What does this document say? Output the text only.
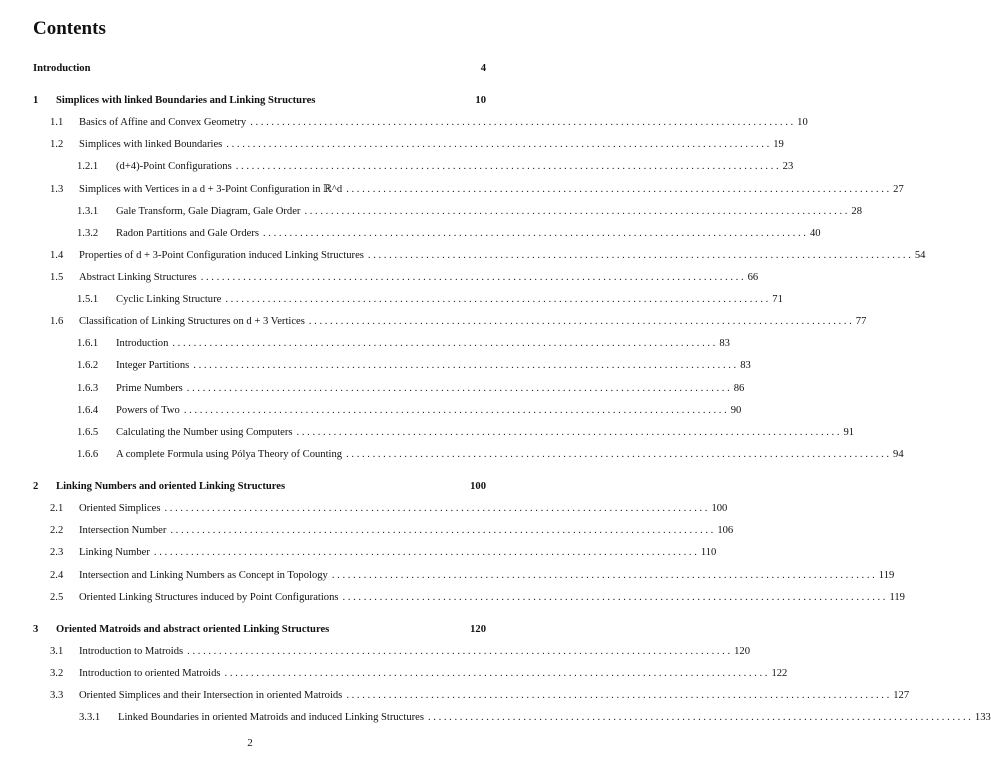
Contents
Introduction	4
1	Simplices with linked Boundaries and Linking Structures	10
1.1	Basics of Affine and Convex Geometry . . .	10
1.2	Simplices with linked Boundaries . . .	19
1.2.1	(d+4)-Point Configurations . . .	23
1.3	Simplices with Vertices in a d + 3-Point Configuration in ℝ^d . . .	27
1.3.1	Gale Transform, Gale Diagram, Gale Order . . .	28
1.3.2	Radon Partitions and Gale Orders . . .	40
1.4	Properties of d + 3-Point Configuration induced Linking Structures . . .	54
1.5	Abstract Linking Structures . . .	66
1.5.1	Cyclic Linking Structure . . .	71
1.6	Classification of Linking Structures on d + 3 Vertices . . .	77
1.6.1	Introduction . . .	83
1.6.2	Integer Partitions . . .	83
1.6.3	Prime Numbers . . .	86
1.6.4	Powers of Two . . .	90
1.6.5	Calculating the Number using Computers . . .	91
1.6.6	A complete Formula using Pólya Theory of Counting . . .	94
2	Linking Numbers and oriented Linking Structures	100
2.1	Oriented Simplices . . .	100
2.2	Intersection Number . . .	106
2.3	Linking Number . . .	110
2.4	Intersection and Linking Numbers as Concept in Topology . . .	119
2.5	Oriented Linking Structures induced by Point Configurations . . .	119
3	Oriented Matroids and abstract oriented Linking Structures	120
3.1	Introduction to Matroids . . .	120
3.2	Introduction to oriented Matroids . . .	122
3.3	Oriented Simplices and their Intersection in oriented Matroids . . .	127
3.3.1	Linked Boundaries in oriented Matroids and induced Linking Structures . . .	133
2
